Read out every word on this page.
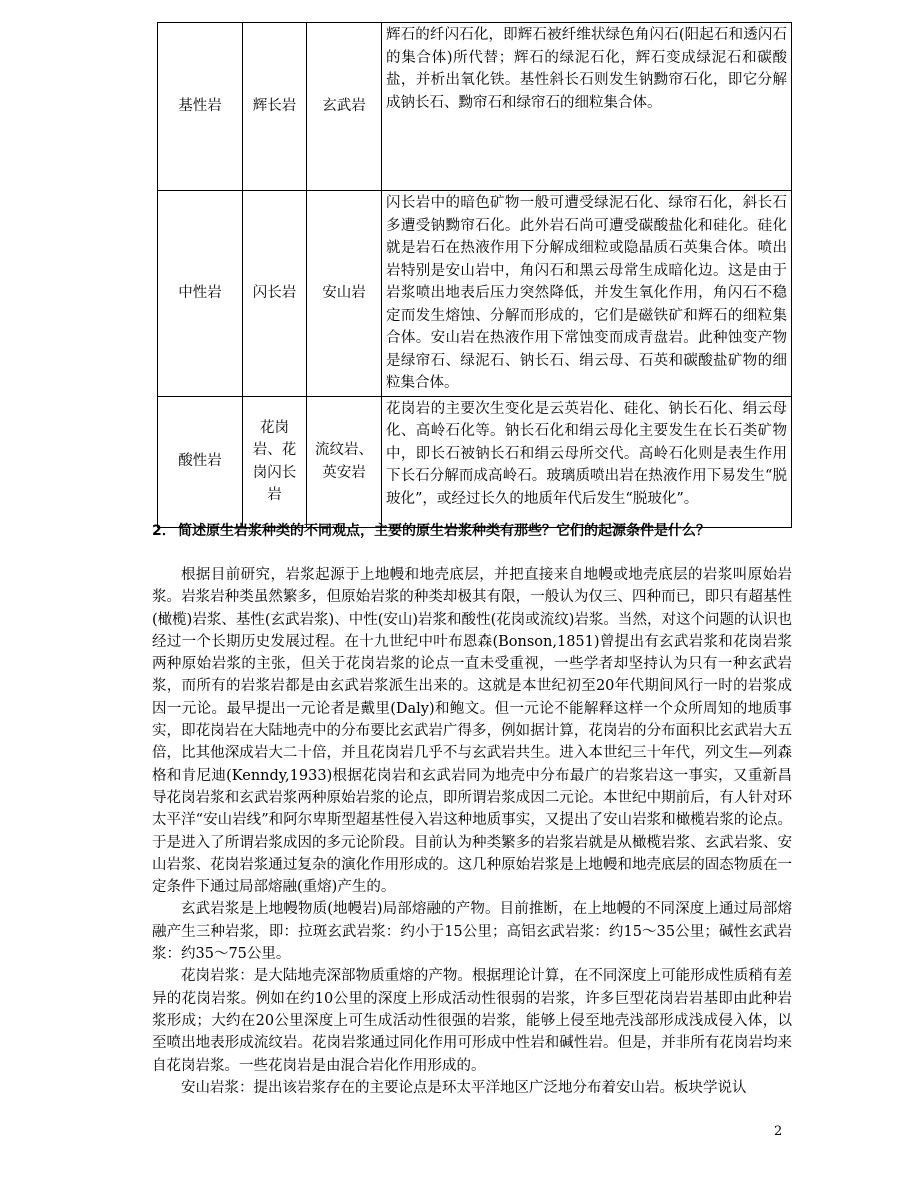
基性岩	辉长岩	玄武岩	辉石的纤闪石化，即辉石被纤维状绿色角闪石(阳起石和透闪石的集合体)所代替；辉石的绿泥石化，辉石变成绿泥石和碳酸盐，并析出氧化铁。基性斜长石则发生钠黝帘石化，即它分解成钠长石、黝帘石和绿帘石的细粒集合体。
中性岩	闪长岩	安山岩	闪长岩中的暗色矿物一般可遭受绿泥石化、绿帘石化，斜长石多遭受钠黝帘石化。此外岩石尚可遭受碳酸盐化和硅化。硅化就是岩石在热液作用下分解成细粒或隐晶质石英集合体。喷出岩特别是安山岩中，角闪石和黑云母常生成暗化边。这是由于岩浆喷出地表后压力突然降低，并发生氧化作用，角闪石不稳定而发生熔蚀、分解而形成的，它们是磁铁矿和辉石的细粒集合体。安山岩在热液作用下常蚀变而成青盘岩。此种蚀变产物是绿帘石、绿泥石、钠长石、绢云母、石英和碳酸盐矿物的细粒集合体。
酸性岩	花岗岩、花岗闪长岩	流纹岩、英安岩	花岗岩的主要次生变化是云英岩化、硅化、钠长石化、绢云母化、高岭石化等。钠长石化和绢云母化主要发生在长石类矿物中，即长石被钠长石和绢云母所交代。高岭石化则是表生作用下长石分解而成高岭石。玻璃质喷出岩在热液作用下易发生“脱玻化”，或经过长久的地质年代后发生“脱玻化”。
2． 简述原生岩浆种类的不同观点，主要的原生岩浆种类有那些？它们的起源条件是什么？

根据目前研究，岩浆起源于上地幔和地壳底层，并把直接来自地幔或地壳底层的岩浆叫原始岩浆。岩浆岩种类虽然繁多，但原始岩浆的种类却极其有限，一般认为仅三、四种而已，即只有超基性(橄榄)岩浆、基性(玄武岩浆)、中性(安山)岩浆和酸性(花岗或流纹)岩浆。当然，对这个问题的认识也经过一个长期历史发展过程。在十九世纪中叶布恩森(Bonson,1851)曾提出有玄武岩浆和花岗岩浆两种原始岩浆的主张，但关于花岗岩浆的论点一直未受重视，一些学者却坚持认为只有一种玄武岩浆，而所有的岩浆岩都是由玄武岩浆派生出来的。这就是本世纪初至20年代期间风行一时的岩浆成因一元论。最早提出一元论者是戴里(Daly)和鲍文。但一元论不能解释这样一个众所周知的地质事实，即花岗岩在大陆地壳中的分布要比玄武岩广得多，例如据计算，花岗岩的分布面积比玄武岩大五倍，比其他深成岩大二十倍，并且花岗岩几乎不与玄武岩共生。进入本世纪三十年代，列文生—列森格和肯尼迪(Kenndy,1933)根据花岗岩和玄武岩同为地壳中分布最广的岩浆岩这一事实，又重新昌导花岗岩浆和玄武岩浆两种原始岩浆的论点，即所谓岩浆成因二元论。本世纪中期前后，有人针对环太平洋“安山岩线”和阿尔卑斯型超基性侵入岩这种地质事实，又提出了安山岩浆和橄榄岩浆的论点。于是进入了所谓岩浆成因的多元论阶段。目前认为种类繁多的岩浆岩就是从橄榄岩浆、玄武岩浆、安山岩浆、花岗岩浆通过复杂的演化作用形成的。这几种原始岩浆是上地幔和地壳底层的固态物质在一定条件下通过局部熔融(重熔)产生的。

玄武岩浆是上地幔物质(地幔岩)局部熔融的产物。目前推断，在上地幔的不同深度上通过局部熔融产生三种岩浆，即：拉斑玄武岩浆：约小于15公里；高铝玄武岩浆：约15～35公里；碱性玄武岩浆：约35～75公里。

花岗岩浆：是大陆地壳深部物质重熔的产物。根据理论计算，在不同深度上可能形成性质稍有差异的花岗岩浆。例如在约10公里的深度上形成活动性很弱的岩浆，许多巨型花岗岩岩基即由此种岩浆形成；大约在20公里深度上可生成活动性很强的岩浆，能够上侵至地壳浅部形成浅成侵入体，以至喷出地表形成流纹岩。花岗岩浆通过同化作用可形成中性岩和碱性岩。但是，并非所有花岗岩均来自花岗岩浆。一些花岗岩是由混合岩化作用形成的。

安山岩浆：提出该岩浆存在的主要论点是环太平洋地区广泛地分布着安山岩。板块学说认

2
